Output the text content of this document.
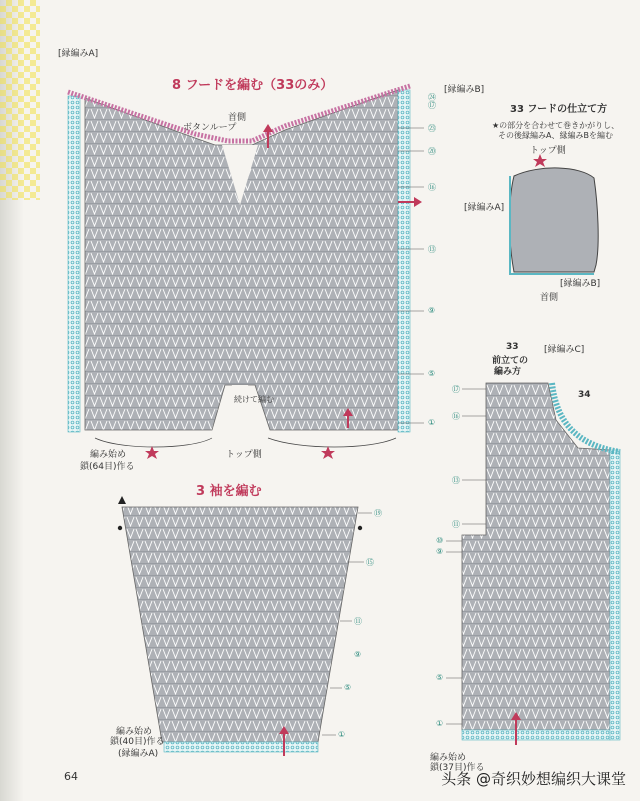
8 フードを編む（33のみ）
[縁編みA]
[縁編みB]
首側
ボタンループ
トップ側
編み始め
鎖(64目)作る
続けて編む
①
⑤
⑨
⑬
⑯
⑳
㉓
㉔
⑰	33 フードの仕立て方
★の部分を合わせて巻きかがりし、
その後縁編みA、縁編みBを編む
トップ側
[縁編みA]
[縁編みB]
首側
3 袖を編む
編み始め
鎖(40目)作る
(縁編みA)
⑲
⑮
⑪
⑨
⑤
①
33
前立ての
編み方
[縁編みC]
34
編み始め
鎖(37目)作る
⑰
⑯
⑬
⑪
⑩
⑨
⑤
①
64	头条 @奇织妙想编织大课堂
